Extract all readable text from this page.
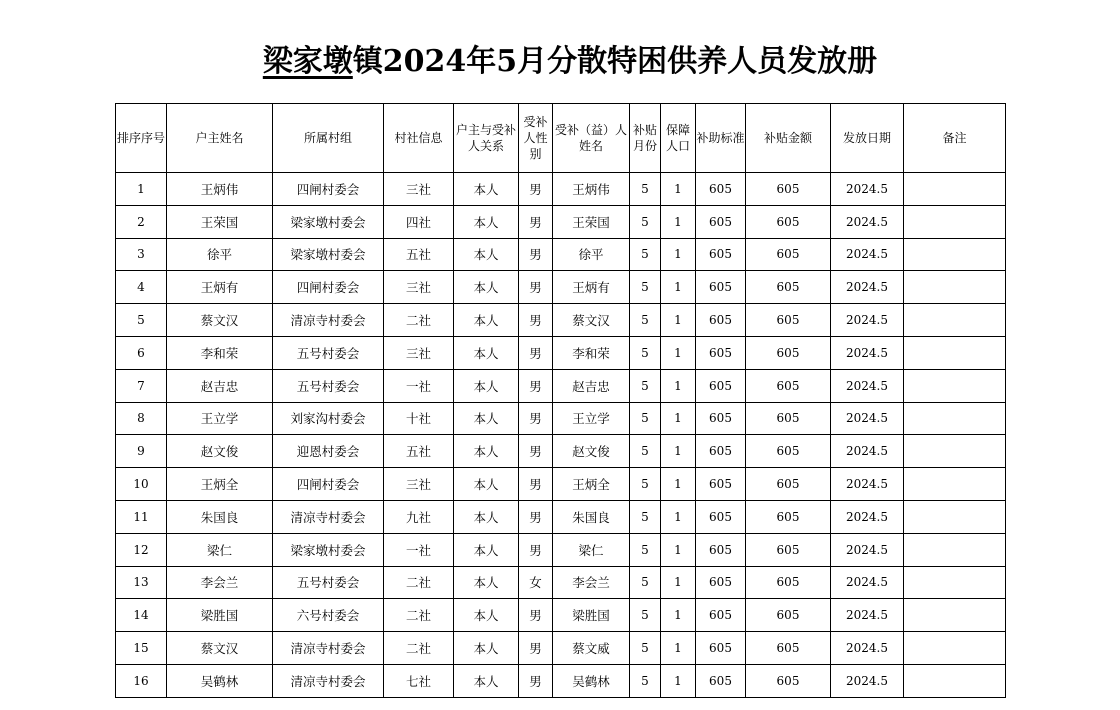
梁家墩镇2024年5月分散特困供养人员发放册
排序序号	户主姓名	所属村组	村社信息	户主与受补人关系	受补人性别	受补（益）人姓名	补贴月份	保障人口	补助标准	补贴金额	发放日期	备注
1	王炳伟	四闸村委会	三社	本人	男	王炳伟	5	1	605	605	2024.5	
2	王荣国	梁家墩村委会	四社	本人	男	王荣国	5	1	605	605	2024.5	
3	徐平	梁家墩村委会	五社	本人	男	徐平	5	1	605	605	2024.5	
4	王炳有	四闸村委会	三社	本人	男	王炳有	5	1	605	605	2024.5	
5	蔡文汉	清凉寺村委会	二社	本人	男	蔡文汉	5	1	605	605	2024.5	
6	李和荣	五号村委会	三社	本人	男	李和荣	5	1	605	605	2024.5	
7	赵吉忠	五号村委会	一社	本人	男	赵吉忠	5	1	605	605	2024.5	
8	王立学	刘家沟村委会	十社	本人	男	王立学	5	1	605	605	2024.5	
9	赵文俊	迎恩村委会	五社	本人	男	赵文俊	5	1	605	605	2024.5	
10	王炳全	四闸村委会	三社	本人	男	王炳全	5	1	605	605	2024.5	
11	朱国良	清凉寺村委会	九社	本人	男	朱国良	5	1	605	605	2024.5	
12	梁仁	梁家墩村委会	一社	本人	男	梁仁	5	1	605	605	2024.5	
13	李会兰	五号村委会	二社	本人	女	李会兰	5	1	605	605	2024.5	
14	梁胜国	六号村委会	二社	本人	男	梁胜国	5	1	605	605	2024.5	
15	蔡文汉	清凉寺村委会	二社	本人	男	蔡文威	5	1	605	605	2024.5	
16	吴鹤林	清凉寺村委会	七社	本人	男	吴鹤林	5	1	605	605	2024.5	
